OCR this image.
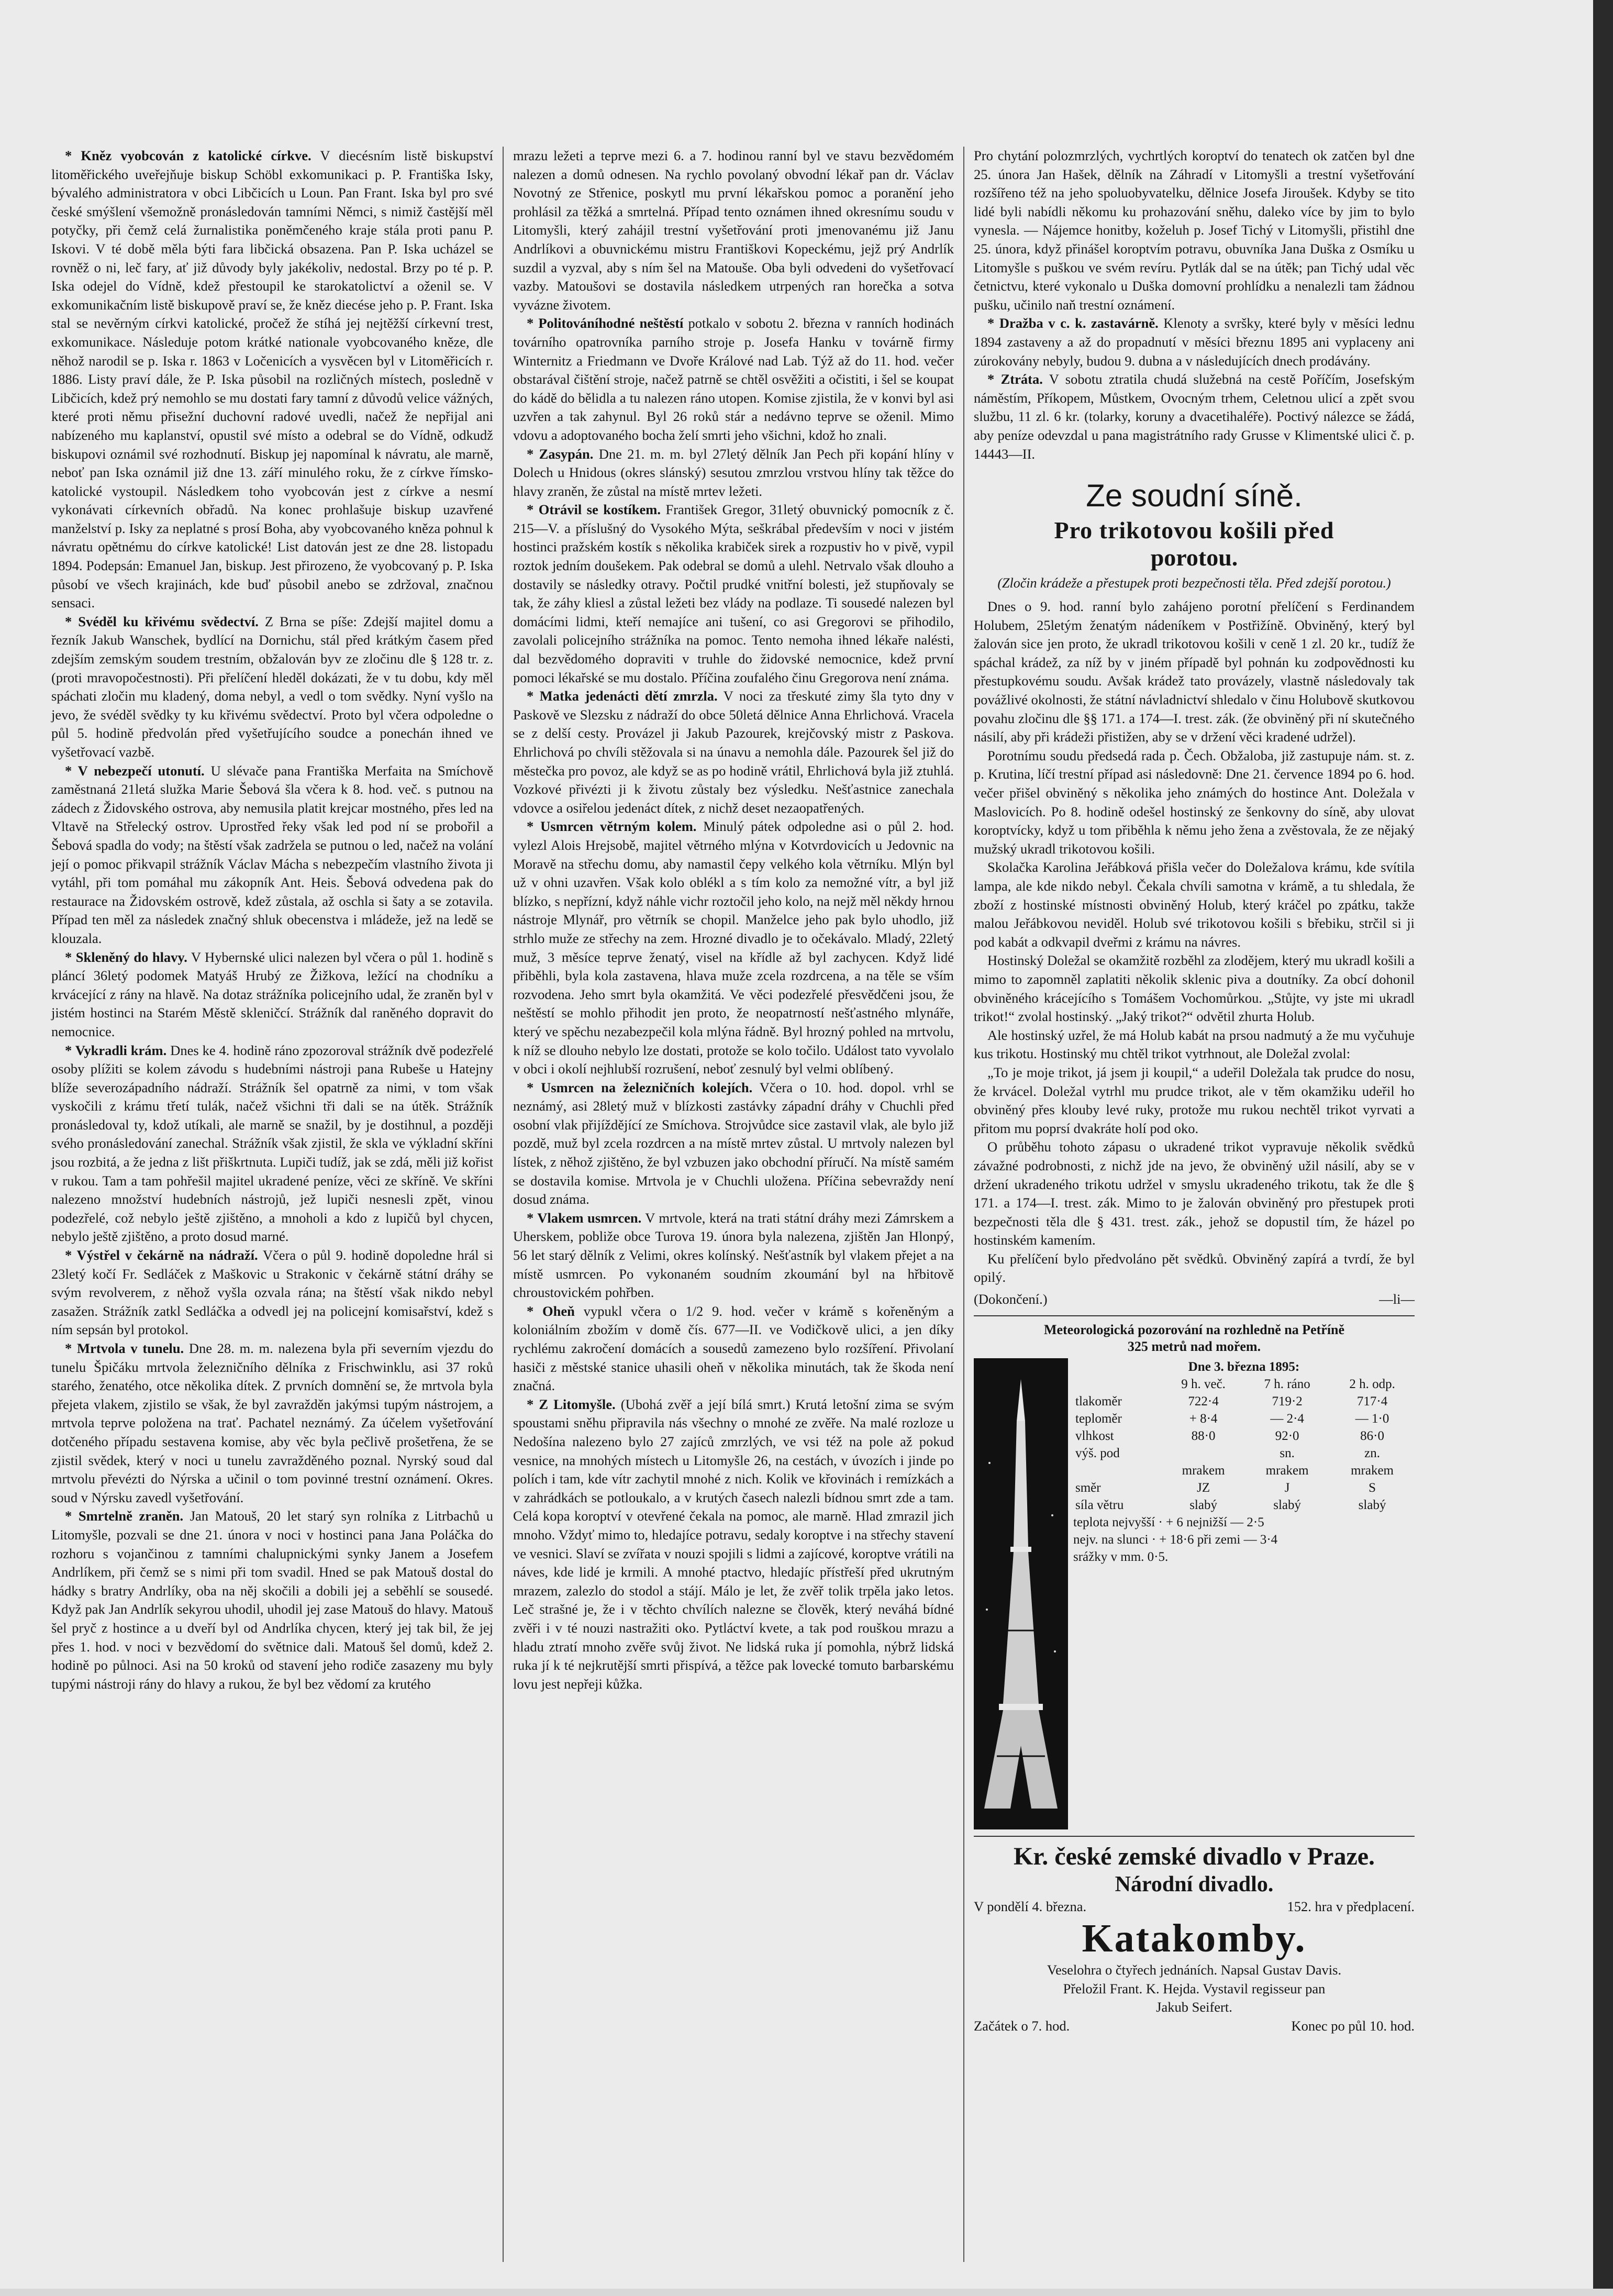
* Kněz vyobcován z katolické církve. V diecésním listě biskupství litoměřického uveřejňuje biskup Schöbl exkomunikaci p. P. Františka Isky, bývalého administratora v obci Libčicích u Loun. Pan Frant. Iska byl pro své české smýšlení všemožně pronásledován tamními Němci, s nimiž častější měl potyčky, při čemž celá žurnalistika poněmčeného kraje stála proti panu P. Iskovi. V té době měla býti fara libčická obsazena. Pan P. Iska ucházel se rovněž o ni, leč fary, ať již důvody byly jakékoliv, nedostal. Brzy po té p. P. Iska odejel do Vídně, kdež přestoupil ke starokatolictví a oženil se. V exkomunikačním listě biskupově praví se, že kněz diecése jeho p. P. Frant. Iska stal se nevěrným církvi katolické, pročež že stíhá jej nejtěžší církevní trest, exkomunikace. Následuje potom krátké nationale vyobcovaného kněze, dle něhož narodil se p. Iska r. 1863 v Ločenicích a vysvěcen byl v Litoměřicích r. 1886. Listy praví dále, že P. Iska působil na rozličných místech, posledně v Libčicích, kdež prý nemohlo se mu dostati fary tamní z důvodů velice vážných, které proti němu přisežní duchovní radové uvedli, načež že nepřijal ani nabízeného mu kaplanství, opustil své místo a odebral se do Vídně, odkudž biskupovi oznámil své rozhodnutí. Biskup jej napomínal k návratu, ale marně, neboť pan Iska oznámil již dne 13. září minulého roku, že z církve římsko-katolické vystoupil. Následkem toho vyobcován jest z církve a nesmí vykonávati církevních obřadů. Na konec prohlašuje biskup uzavřené manželství p. Isky za neplatné s prosí Boha, aby vyobcovaného kněza pohnul k návratu opětnému do církve katolické! List datován jest ze dne 28. listopadu 1894. Podepsán: Emanuel Jan, biskup. Jest přirozeno, že vyobcovaný p. P. Iska působí ve všech krajinách, kde buď působil anebo se zdržoval, značnou sensaci.

* Svéděl ku křivému svědectví. Z Brna se píše: Zdejší majitel domu a řezník Jakub Wanschek, bydlící na Dornichu, stál před krátkým časem před zdejším zemským soudem trestním, obžalován byv ze zločinu dle § 128 tr. z. (proti mravopočestnosti). Při přelíčení hleděl dokázati, že v tu dobu, kdy měl spáchati zločin mu kladený, doma nebyl, a vedl o tom svědky. Nyní vyšlo na jevo, že svéděl svědky ty ku křivému svědectví. Proto byl včera odpoledne o půl 5. hodině předvolán před vyšetřujícího soudce a ponechán ihned ve vyšetřovací vazbě.

* V nebezpečí utonutí. U slévače pana Františka Merfaita na Smíchově zaměstnaná 21letá služka Marie Šebová šla včera k 8. hod. več. s putnou na zádech z Židovského ostrova, aby nemusila platit krejcar mostného, přes led na Vltavě na Střelecký ostrov. Uprostřed řeky však led pod ní se probořil a Šebová spadla do vody; na štěstí však zadržela se putnou o led, načež na volání její o pomoc přikvapil strážník Václav Mácha s nebezpečím vlastního života ji vytáhl, při tom pomáhal mu zákopník Ant. Heis. Šebová odvedena pak do restaurace na Židovském ostrově, kdež zůstala, až oschla si šaty a se zotavila. Případ ten měl za následek značný shluk obecenstva i mládeže, jež na ledě se klouzala.

* Skleněný do hlavy. V Hybernské ulici nalezen byl včera o půl 1. hodině s pláncí 36letý podomek Matyáš Hrubý ze Žižkova, ležící na chodníku a krvácející z rány na hlavě. Na dotaz strážníka policejního udal, že zraněn byl v jistém hostinci na Starém Městě skleničcí. Strážník dal raněného dopravit do nemocnice.

* Vykradli krám. Dnes ke 4. hodině ráno zpozoroval strážník dvě podezřelé osoby plížiti se kolem závodu s hudebními nástroji pana Rubeše u Hatejny blíže severozápadního nádraží. Strážník šel opatrně za nimi, v tom však vyskočili z krámu třetí tulák, načež všichni tři dali se na útěk. Strážník pronásledoval ty, kdož utíkali, ale marně se snažil, by je dostihnul, a později svého pronásledování zanechal. Strážník však zjistil, že skla ve výkladní skříni jsou rozbitá, a že jedna z lišt přiškrtnuta. Lupiči tudíž, jak se zdá, měli již kořist v rukou. Tam a tam pohřešil majitel ukradené peníze, věci ze skříně. Ve skříni nalezeno množství hudebních nástrojů, jež lupiči nesnesli zpět, vinou podezřelé, což nebylo ještě zjištěno, a mnoholi a kdo z lupičů byl chycen, nebylo ještě zjištěno, a proto dosud marné.

* Výstřel v čekárně na nádraží. Včera o půl 9. hodině dopoledne hrál si 23letý kočí Fr. Sedláček z Maškovic u Strakonic v čekárně státní dráhy se svým revolverem, z něhož vyšla ozvala rána; na štěstí však nikdo nebyl zasažen. Strážník zatkl Sedláčka a odvedl jej na policejní komisařství, kdež s ním sepsán byl protokol.

* Mrtvola v tunelu. Dne 28. m. m. nalezena byla při severním vjezdu do tunelu Špičáku mrtvola železničního dělníka z Frischwinklu, asi 37 roků starého, ženatého, otce několika dítek. Z prvních domnění se, že mrtvola byla přejeta vlakem, zjistilo se však, že byl zavražděn jakýmsi tupým nástrojem, a mrtvola teprve položena na trať. Pachatel neznámý. Za účelem vyšetřování dotčeného případu sestavena komise, aby věc byla pečlivě prošetřena, že se zjistil svědek, který v noci u tunelu zavražděného poznal. Nyrský soud dal mrtvolu převézti do Nýrska a učinil o tom povinné trestní oznámení. Okres. soud v Nýrsku zavedl vyšetřování.

* Smrtelně zraněn. Jan Matouš, 20 let starý syn rolníka z Litrbachů u Litomyšle, pozvali se dne 21. února v noci v hostinci pana Jana Poláčka do rozhoru s vojančinou z tamními chalupnickými synky Janem a Josefem Andrlíkem, při čemž se s nimi při tom svadil. Hned se pak Matouš dostal do hádky s bratry Andrlíky, oba na něj skočili a dobili jej a seběhlí se sousedé. Když pak Jan Andrlík sekyrou uhodil, uhodil jej zase Matouš do hlavy. Matouš šel pryč z hostince a u dveří byl od Andrlíka chycen, který jej tak bil, že jej přes 1. hod. v noci v bezvědomí do světnice dali. Matouš šel domů, kdež 2. hodině po půlnoci. Asi na 50 kroků od stavení jeho rodiče zasazeny mu byly tupými nástroji rány do hlavy a rukou, že byl bez vědomí za krutého

mrazu ležeti a teprve mezi 6. a 7. hodinou ranní byl ve stavu bezvědomém nalezen a domů odnesen. Na rychlo povolaný obvodní lékař pan dr. Václav Novotný ze Střenice, poskytl mu první lékařskou pomoc a poranění jeho prohlásil za těžká a smrtelná. Případ tento oznámen ihned okresnímu soudu v Litomyšli, který zahájil trestní vyšetřování proti jmenovanému již Janu Andrlíkovi a obuvnickému mistru Františkovi Kopeckému, jejž prý Andrlík suzdil a vyzval, aby s ním šel na Matouše. Oba byli odvedeni do vyšetřovací vazby. Matoušovi se dostavila následkem utrpených ran horečka a sotva vyvázne životem.

* Politováníhodné neštěstí potkalo v sobotu 2. března v ranních hodinách továrního opatrovníka parního stroje p. Josefa Hanku v továrně firmy Winternitz a Friedmann ve Dvoře Králové nad Lab. Týž až do 11. hod. večer obstarával čištění stroje, načež patrně se chtěl osvěžiti a očistiti, i šel se koupat do kádě do bělidla a tu nalezen ráno utopen. Komise zjistila, že v konvi byl asi uzvřen a tak zahynul. Byl 26 roků stár a nedávno teprve se oženil. Mimo vdovu a adoptovaného bocha želí smrti jeho všichni, kdož ho znali.

* Zasypán. Dne 21. m. m. byl 27letý dělník Jan Pech při kopání hlíny v Dolech u Hnidous (okres slánský) sesutou zmrzlou vrstvou hlíny tak těžce do hlavy zraněn, že zůstal na místě mrtev ležeti.

* Otrávil se kostíkem. František Gregor, 31letý obuvnický pomocník z č. 215—V. a příslušný do Vysokého Mýta, seškrábal především v noci v jistém hostinci pražském kostík s několika krabiček sirek a rozpustiv ho v pivě, vypil roztok jedním doušekem. Pak odebral se domů a ulehl. Netrvalo však dlouho a dostavily se následky otravy. Počtil prudké vnitřní bolesti, jež stupňovaly se tak, že záhy kliesl a zůstal ležeti bez vlády na podlaze. Ti sousedé nalezen byl domácími lidmi, kteří nemajíce ani tušení, co asi Gregorovi se přihodilo, zavolali policejního strážníka na pomoc. Tento nemoha ihned lékaře nalésti, dal bezvědomého dopraviti v truhle do židovské nemocnice, kdež první pomoci lékařské se mu dostalo. Příčina zoufalého činu Gregorova není známa.

* Matka jedenácti dětí zmrzla. V noci za třeskuté zimy šla tyto dny v Paskově ve Slezsku z nádraží do obce 50letá dělnice Anna Ehrlichová. Vracela se z delší cesty. Provázel ji Jakub Pazourek, krejčovský mistr z Paskova. Ehrlichová po chvíli stěžovala si na únavu a nemohla dále. Pazourek šel již do městečka pro povoz, ale když se as po hodině vrátil, Ehrlichová byla již ztuhlá. Vozkové přivézti ji k životu zůstaly bez výsledku. Nešťastnice zanechala vdovce a osiřelou jedenáct dítek, z nichž deset nezaopatřených.

* Usmrcen větrným kolem. Minulý pátek odpoledne asi o půl 2. hod. vylezl Alois Hrejsobě, majitel větrného mlýna v Kotvrdovicích u Jedovnic na Moravě na střechu domu, aby namastil čepy velkého kola větrníku. Mlýn byl už v ohni uzavřen. Však kolo oblékl a s tím kolo za nemožné vítr, a byl již blízko, s nepřízní, když náhle vichr roztočil jeho kolo, na nejž měl někdy hrnou nástroje Mlynář, pro větrník se chopil. Manželce jeho pak bylo uhodlo, již strhlo muže ze střechy na zem. Hrozné divadlo je to očekávalo. Mladý, 22letý muž, 3 měsíce teprve ženatý, visel na křídle až byl zachycen. Když lidé přiběhli, byla kola zastavena, hlava muže zcela rozdrcena, a na těle se vším rozvodena. Jeho smrt byla okamžitá. Ve věci podezřelé přesvědčeni jsou, že neštěstí se mohlo přihodit jen proto, že neopatrností nešťastného mlynáře, který ve spěchu nezabezpečil kola mlýna řádně. Byl hrozný pohled na mrtvolu, k níž se dlouho nebylo lze dostati, protože se kolo točilo. Událost tato vyvolalo v obci i okolí nejhlubší rozrušení, neboť zesnulý byl velmi oblíbený.

* Usmrcen na železničních kolejích. Včera o 10. hod. dopol. vrhl se neznámý, asi 28letý muž v blízkosti zastávky západní dráhy v Chuchli před osobní vlak přijíždějící ze Smíchova. Strojvůdce sice zastavil vlak, ale bylo již pozdě, muž byl zcela rozdrcen a na místě mrtev zůstal. U mrtvoly nalezen byl lístek, z něhož zjištěno, že byl vzbuzen jako obchodní příručí. Na místě samém se dostavila komise. Mrtvola je v Chuchli uložena. Příčina sebevraždy není dosud známa.

* Vlakem usmrcen. V mrtvole, která na trati státní dráhy mezi Zámrskem a Uherskem, pobliže obce Turova 19. února byla nalezena, zjištěn Jan Hlonpý, 56 let starý dělník z Velimi, okres kolínský. Nešťastník byl vlakem přejet a na místě usmrcen. Po vykonaném soudním zkoumání byl na hřbitově chroustovickém pohřben.

* Oheň vypukl včera o 1/2 9. hod. večer v krámě s kořeněným a koloniálním zbožím v domě čís. 677—II. ve Vodičkově ulici, a jen díky rychlému zakročení domácích a sousedů zamezeno bylo rozšíření. Přivolaní hasiči z městské stanice uhasili oheň v několika minutách, tak že škoda není značná.

* Z Litomyšle. (Ubohá zvěř a její bílá smrt.) Krutá letošní zima se svým spoustami sněhu připravila nás všechny o mnohé ze zvěře. Na malé rozloze u Nedošína nalezeno bylo 27 zajíců zmrzlých, ve vsi též na pole až pokud vesnice, na mnohých místech u Litomyšle 26, na cestách, v úvozích i jinde po polích i tam, kde vítr zachytil mnohé z nich. Kolik ve křovinách i remízkách a v zahrádkách se potloukalo, a v krutých časech nalezli bídnou smrt zde a tam. Celá kopa koroptví v otevřené čekala na pomoc, ale marně. Hlad zmrazil jich mnoho. Vždyť mimo to, hledajíce potravu, sedaly koroptve i na střechy stavení ve vesnici. Slaví se zvířata v nouzi spojili s lidmi a zajícové, koroptve vrátili na náves, kde lidé je krmili. A mnohé ptactvo, hledajíc přístřeší před ukrutným mrazem, zalezlo do stodol a stájí. Málo je let, že zvěř tolik trpěla jako letos. Leč strašné je, že i v těchto chvílích nalezne se člověk, který neváhá bídné zvěři i v té nouzi nastražiti oko. Pytláctví kvete, a tak pod rouškou mrazu a hladu ztratí mnoho zvěře svůj život. Ne lidská ruka jí pomohla, nýbrž lidská ruka jí k té nejkrutější smrti přispívá, a těžce pak lovecké tomuto barbarskému lovu jest nepřeji kůžka.

Pro chytání polozmrzlých, vychrtlých koroptví do tenatech ok zatčen byl dne 25. února Jan Hašek, dělník na Záhradí v Litomyšli a trestní vyšetřování rozšířeno též na jeho spoluobyvatelku, dělnice Josefa Jiroušek. Kdyby se tito lidé byli nabídli někomu ku prohazování sněhu, daleko více by jim to bylo vynesla. — Nájemce honitby, koželuh p. Josef Tichý v Litomyšli, přistihl dne 25. února, když přinášel koroptvím potravu, obuvníka Jana Duška z Osmíku u Litomyšle s puškou ve svém revíru. Pytlák dal se na útěk; pan Tichý udal věc četnictvu, které vykonalo u Duška domovní prohlídku a nenalezli tam žádnou pušku, učinilo naň trestní oznámení.

* Dražba v c. k. zastavárně. Klenoty a svršky, které byly v měsíci lednu 1894 zastaveny a až do propadnutí v měsíci březnu 1895 ani vyplaceny ani zúrokovány nebyly, budou 9. dubna a v následujících dnech prodávány.

* Ztráta. V sobotu ztratila chudá služebná na cestě Poříčím, Josefským náměstím, Příkopem, Můstkem, Ovocným trhem, Celetnou ulicí a zpět svou službu, 11 zl. 6 kr. (tolarky, koruny a dvacetihaléře). Poctivý nálezce se žádá, aby peníze odevzdal u pana magistrátního rady Grusse v Klimentské ulici č. p. 14443—II.

Ze soudní síně.
Pro trikotovou košili před
porotou.
(Zločin krádeže a přestupek proti bezpečnosti těla. Před zdejší porotou.)

Dnes o 9. hod. ranní bylo zahájeno porotní přelíčení s Ferdinandem Holubem, 25letým ženatým nádeníkem v Postřižíně. Obviněný, který byl žalován sice jen proto, že ukradl trikotovou košili v ceně 1 zl. 20 kr., tudíž že spáchal krádež, za níž by v jiném případě byl pohnán ku zodpovědnosti ku přestupkovému soudu. Avšak krádež tato provázely, vlastně následovaly tak povážlivé okolnosti, že státní návladnictví shledalo v činu Holubově skutkovou povahu zločinu dle §§ 171. a 174—I. trest. zák. (že obviněný při ní skutečného násilí, aby při krádeži přistižen, aby se v držení věci kradené udržel).

Porotnímu soudu předsedá rada p. Čech. Obžaloba, již zastupuje nám. st. z. p. Krutina, líčí trestní případ asi následovně: Dne 21. července 1894 po 6. hod. večer přišel obviněný s několika jeho známých do hostince Ant. Doležala v Maslovicích. Po 8. hodině odešel hostinský ze šenkovny do síně, aby ulovat koroptvícky, když u tom přiběhla k němu jeho žena a zvěstovala, že ze nějaký mužský ukradl trikotovou košili.

Skolačka Karolina Jeřábková přišla večer do Doležalova krámu, kde svítila lampa, ale kde nikdo nebyl. Čekala chvíli samotna v krámě, a tu shledala, že zboží z hostinské místnosti obviněný Holub, který kráčel po zpátku, takže malou Jeřábkovou neviděl. Holub své trikotovou košili s břebiku, strčil si ji pod kabát a odkvapil dveřmi z krámu na návres.

Hostinský Doležal se okamžitě rozběhl za zlodějem, který mu ukradl košili a mimo to zapomněl zaplatiti několik sklenic piva a doutníky. Za obcí dohonil obviněného krácejícího s Tomášem Vochomůrkou. „Stůjte, vy jste mi ukradl trikot!“ zvolal hostinský. „Jaký trikot?“ odvětil zhurta Holub.

Ale hostinský uzřel, že má Holub kabát na prsou nadmutý a že mu vyčuhuje kus trikotu. Hostinský mu chtěl trikot vytrhnout, ale Doležal zvolal:

„To je moje trikot, já jsem ji koupil,“ a udeřil Doležala tak prudce do nosu, že krvácel. Doležal vytrhl mu prudce trikot, ale v těm okamžiku udeřil ho obviněný přes klouby levé ruky, protože mu rukou nechtěl trikot vyrvati a přitom mu poprsí dvakráte holí pod oko.

O průběhu tohoto zápasu o ukradené trikot vypravuje několik svědků závažné podrobnosti, z nichž jde na jevo, že obviněný užil násilí, aby se v držení ukradeného trikotu udržel v smyslu ukradeného trikotu, tak že dle § 171. a 174—I. trest. zák. Mimo to je žalován obviněný pro přestupek proti bezpečnosti těla dle § 431. trest. zák., jehož se dopustil tím, že házel po hostinském kamením.

Ku přelíčení bylo předvoláno pět svědků. Obviněný zapírá a tvrdí, že byl opilý.

(Dokončení.)	—li—
Meteorologická pozorování na rozhledně na Petříně
325 metrů nad mořem.
Dne 3. března 1895:
	9 h. več.	7 h. ráno	2 h. odp.
tlakoměr	722·4	719·2	717·4
teploměr	+ 8·4	— 2·4	— 1·0
vlhkost	88·0	92·0	86·0
výš. pod		sn.	zn.
	mrakem	mrakem	mrakem
směr	JZ	J	S
síla větru	slabý	slabý	slabý
teplota nejvyšší · + 6 nejnižší — 2·5
nejv. na slunci · + 18·6 při zemi — 3·4
srážky v mm. 0·5.
Kr. české zemské divadlo v Praze.
Národní divadlo.
V pondělí 4. března.	152. hra v předplacení.
Katakomby.
Veselohra o čtyřech jednáních. Napsal Gustav Davis.
Přeložil Frant. K. Hejda. Vystavil regisseur pan
Jakub Seifert.
Začátek o 7. hod.	Konec po půl 10. hod.
